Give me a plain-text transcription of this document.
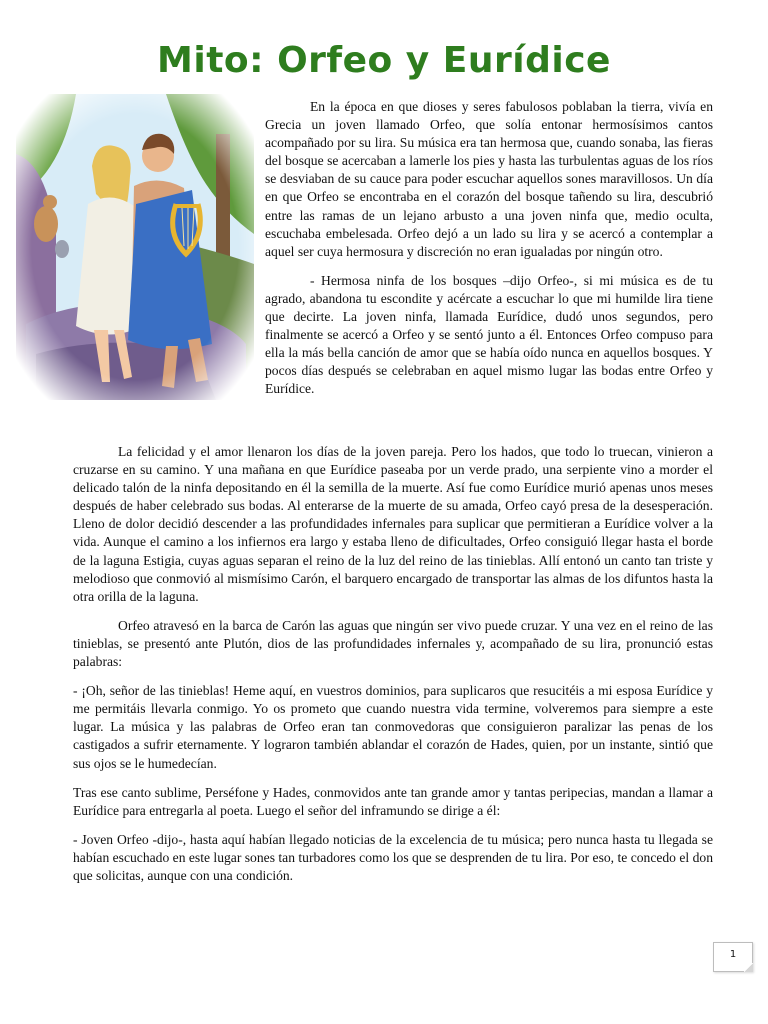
Mito: Orfeo y Eurídice

En la época en que dioses y seres fabulosos poblaban la tierra, vivía en Grecia un joven llamado Orfeo, que solía entonar hermosísimos cantos acompañado por su lira. Su música era tan hermosa que, cuando sonaba, las fieras del bosque se acercaban a lamerle los pies y hasta las turbulentas aguas de los ríos se desviaban de su cauce para poder escuchar aquellos sones maravillosos. Un día en que Orfeo se encontraba en el corazón del bosque tañendo su lira, descubrió entre las ramas de un lejano arbusto a una joven ninfa que, medio oculta, escuchaba embelesada. Orfeo dejó a un lado su lira y se acercó a contemplar a aquel ser cuya hermosura y discreción no eran igualadas por ningún otro.

- Hermosa ninfa de los bosques –dijo Orfeo-, si mi música es de tu agrado, abandona tu escondite y acércate a escuchar lo que mi humilde lira tiene que decirte. La joven ninfa, llamada Eurídice, dudó unos segundos, pero finalmente se acercó a Orfeo y se sentó junto a él. Entonces Orfeo compuso para ella la más bella canción de amor que se había oído nunca en aquellos bosques. Y pocos días después se celebraban en aquel mismo lugar las bodas entre Orfeo y Eurídice.

La felicidad y el amor llenaron los días de la joven pareja. Pero los hados, que todo lo truecan, vinieron a cruzarse en su camino. Y una mañana en que Eurídice paseaba por un verde prado, una serpiente vino a morder el delicado talón de la ninfa depositando en él la semilla de la muerte. Así fue como Eurídice murió apenas unos meses después de haber celebrado sus bodas. Al enterarse de la muerte de su amada, Orfeo cayó presa de la desesperación. Lleno de dolor decidió descender a las profundidades infernales para suplicar que permitieran a Eurídice volver a la vida. Aunque el camino a los infiernos era largo y estaba lleno de dificultades, Orfeo consiguió llegar hasta el borde de la laguna Estigia, cuyas aguas separan el reino de la luz del reino de las tinieblas. Allí entonó un canto tan triste y melodioso que conmovió al mismísimo Carón, el barquero encargado de transportar las almas de los difuntos hasta la otra orilla de la laguna.

Orfeo atravesó en la barca de Carón las aguas que ningún ser vivo puede cruzar. Y una vez en el reino de las tinieblas, se presentó ante Plutón, dios de las profundidades infernales y, acompañado de su lira, pronunció estas palabras:

- ¡Oh, señor de las tinieblas! Heme aquí, en vuestros dominios, para suplicaros que resucitéis a mi esposa Eurídice y me permitáis llevarla conmigo. Yo os prometo que cuando nuestra vida termine, volveremos para siempre a este lugar. La música y las palabras de Orfeo eran tan conmovedoras que consiguieron paralizar las penas de los castigados a sufrir eternamente. Y lograron también ablandar el corazón de Hades, quien, por un instante, sintió que sus ojos se le humedecían.

Tras ese canto sublime, Perséfone y Hades, conmovidos ante tan grande amor y tantas peripecias, mandan a llamar a Eurídice para entregarla al poeta. Luego el señor del inframundo se dirige a él:

- Joven Orfeo -dijo-, hasta aquí habían llegado noticias de la excelencia de tu música; pero nunca hasta tu llegada se habían escuchado en este lugar sones tan turbadores como los que se desprenden de tu lira. Por eso, te concedo el don que solicitas, aunque con una condición.

1
